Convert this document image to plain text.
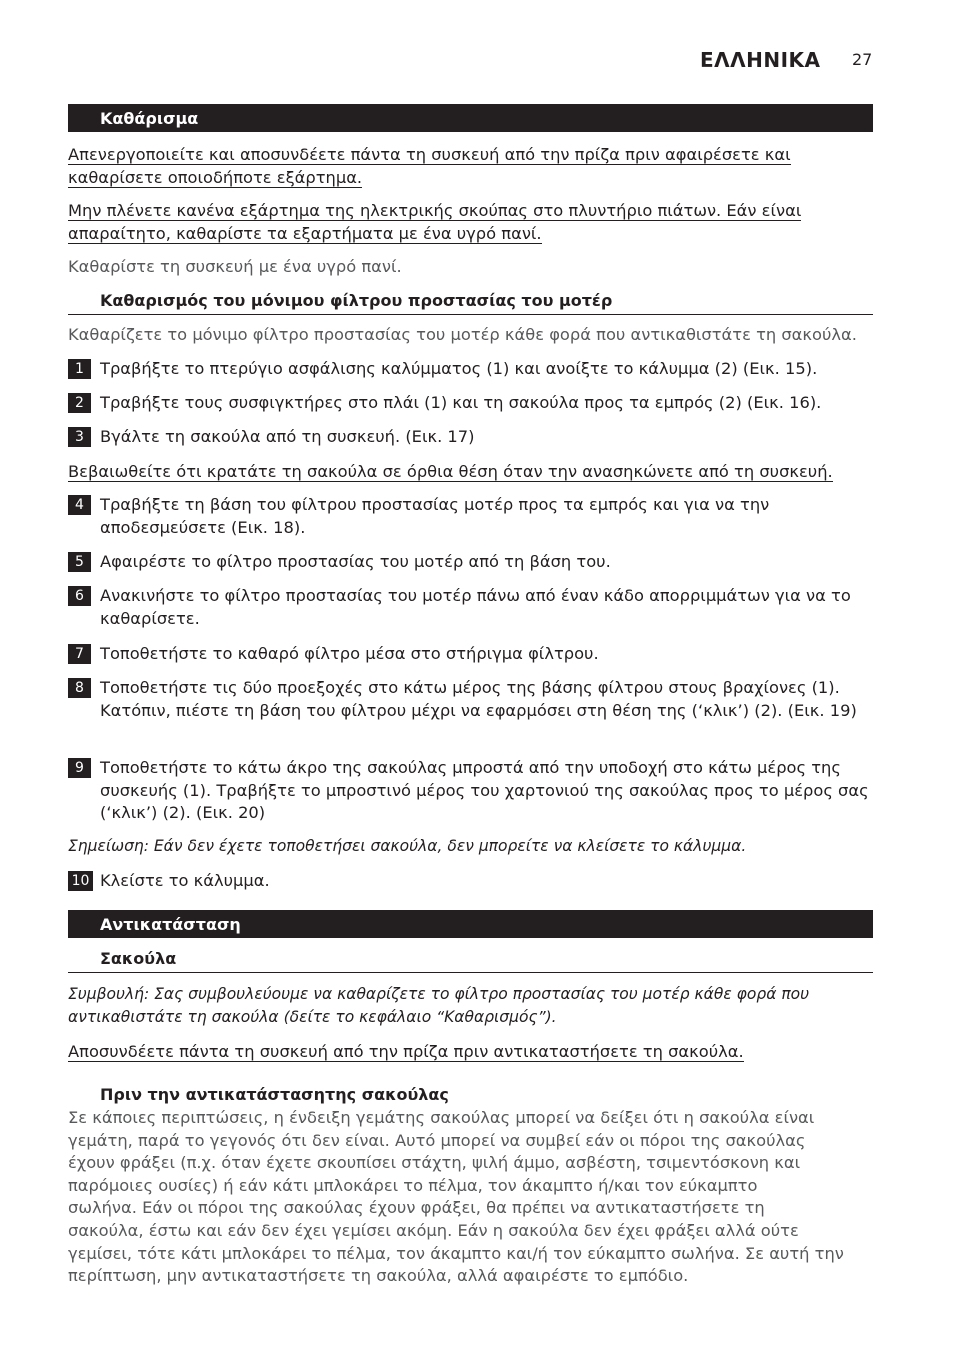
ΕΛΛΗΝΙΚΑ 27
Καθάρισμα
Απενεργοποιείτε και αποσυνδέετε πάντα τη συσκευή από την πρίζα πριν αφαιρέσετε και
καθαρίσετε οποιοδήποτε εξάρτημα.
Μην πλένετε κανένα εξάρτημα της ηλεκτρικής σκούπας στο πλυντήριο πιάτων. Εάν είναι
απαραίτητο, καθαρίστε τα εξαρτήματα με ένα υγρό πανί.
Καθαρίστε τη συσκευή με ένα υγρό πανί.
Καθαρισμός του μόνιμου φίλτρου προστασίας του μοτέρ
Καθαρίζετε το μόνιμο φίλτρο προστασίας του μοτέρ κάθε φορά που αντικαθιστάτε τη σακούλα.
1 Τραβήξτε το πτερύγιο ασφάλισης καλύμματος (1) και ανοίξτε το κάλυμμα (2) (Εικ. 15).
2 Τραβήξτε τους συσφιγκτήρες στο πλάι (1) και τη σακούλα προς τα εμπρός (2) (Εικ. 16).
3 Βγάλτε τη σακούλα από τη συσκευή. (Εικ. 17)
Βεβαιωθείτε ότι κρατάτε τη σακούλα σε όρθια θέση όταν την ανασηκώνετε από τη συσκευή.
4 Τραβήξτε τη βάση του φίλτρου προστασίας μοτέρ προς τα εμπρός και για να την αποδεσμεύσετε (Εικ. 18).
5 Αφαιρέστε το φίλτρο προστασίας του μοτέρ από τη βάση του.
6 Ανακινήστε το φίλτρο προστασίας του μοτέρ πάνω από έναν κάδο απορριμμάτων για να το καθαρίσετε.
7 Τοποθετήστε το καθαρό φίλτρο μέσα στο στήριγμα φίλτρου.
8 Τοποθετήστε τις δύο προεξοχές στο κάτω μέρος της βάσης φίλτρου στους βραχίονες (1). Κατόπιν, πιέστε τη βάση του φίλτρου μέχρι να εφαρμόσει στη θέση της (‘κλικ’) (2). (Εικ. 19)
9 Τοποθετήστε το κάτω άκρο της σακούλας μπροστά από την υποδοχή στο κάτω μέρος της συσκευής (1). Τραβήξτε το μπροστινό μέρος του χαρτονιού της σακούλας προς το μέρος σας (‘κλικ’) (2). (Εικ. 20)
Σημείωση: Εάν δεν έχετε τοποθετήσει σακούλα, δεν μπορείτε να κλείσετε το κάλυμμα.
10 Κλείστε το κάλυμμα.
Αντικατάσταση
Σακούλα
Συμβουλή: Σας συμβουλεύουμε να καθαρίζετε το φίλτρο προστασίας του μοτέρ κάθε φορά που
αντικαθιστάτε τη σακούλα (δείτε το κεφάλαιο “Καθαρισμός”).
Αποσυνδέετε πάντα τη συσκευή από την πρίζα πριν αντικαταστήσετε τη σακούλα.
Πριν την αντικατάστασητης σακούλας
Σε κάποιες περιπτώσεις, η ένδειξη γεμάτης σακούλας μπορεί να δείξει ότι η σακούλα είναι
γεμάτη, παρά το γεγονός ότι δεν είναι. Αυτό μπορεί να συμβεί εάν οι πόροι της σακούλας
έχουν φράξει (π.χ. όταν έχετε σκουπίσει στάχτη, ψιλή άμμο, ασβέστη, τσιμεντόσκονη και
παρόμοιες ουσίες) ή εάν κάτι μπλοκάρει το πέλμα, τον άκαμπτο ή/και τον εύκαμπτο
σωλήνα. Εάν οι πόροι της σακούλας έχουν φράξει, θα πρέπει να αντικαταστήσετε τη
σακούλα, έστω και εάν δεν έχει γεμίσει ακόμη. Εάν η σακούλα δεν έχει φράξει αλλά ούτε
γεμίσει, τότε κάτι μπλοκάρει το πέλμα, τον άκαμπτο και/ή τον εύκαμπτο σωλήνα. Σε αυτή την
περίπτωση, μην αντικαταστήσετε τη σακούλα, αλλά αφαιρέστε το εμπόδιο.
